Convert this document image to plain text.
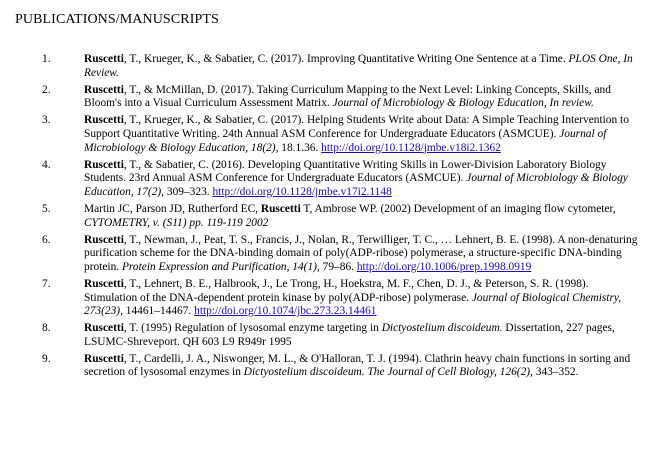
PUBLICATIONS/MANUSCRIPTS
1.	Ruscetti, T., Krueger, K., & Sabatier, C. (2017). Improving Quantitative Writing One Sentence at a Time. PLOS One, In Review.
2.	Ruscetti, T., & McMillan, D. (2017). Taking Curriculum Mapping to the Next Level: Linking Concepts, Skills, and Bloom's into a Visual Curriculum Assessment Matrix. Journal of Microbiology & Biology Education, In review.
3.	Ruscetti, T., Krueger, K., & Sabatier, C. (2017). Helping Students Write about Data: A Simple Teaching Intervention to Support Quantitative Writing. 24th Annual ASM Conference for Undergraduate Educators (ASMCUE). Journal of Microbiology & Biology Education, 18(2), 18.1.36. http://doi.org/10.1128/jmbe.v18i2.1362
4.	Ruscetti, T., & Sabatier, C. (2016). Developing Quantitative Writing Skills in Lower-Division Laboratory Biology Students. 23rd Annual ASM Conference for Undergraduate Educators (ASMCUE). Journal of Microbiology & Biology Education, 17(2), 309–323. http://doi.org/10.1128/jmbe.v17i2.1148
5.	Martin JC, Parson JD, Rutherford EC, Ruscetti T, Ambrose WP. (2002) Development of an imaging flow cytometer, CYTOMETRY, v. (S11) pp. 119-119 2002
6.	Ruscetti, T., Newman, J., Peat, T. S., Francis, J., Nolan, R., Terwilliger, T. C., … Lehnert, B. E. (1998). A non-denaturing purification scheme for the DNA-binding domain of poly(ADP-ribose) polymerase, a structure-specific DNA-binding protein. Protein Expression and Purification, 14(1), 79–86. http://doi.org/10.1006/prep.1998.0919
7.	Ruscetti, T., Lehnert, B. E., Halbrook, J., Le Trong, H., Hoekstra, M. F., Chen, D. J., & Peterson, S. R. (1998). Stimulation of the DNA-dependent protein kinase by poly(ADP-ribose) polymerase. Journal of Biological Chemistry, 273(23), 14461–14467. http://doi.org/10.1074/jbc.273.23.14461
8.	Ruscetti, T. (1995) Regulation of lysosomal enzyme targeting in Dictyostelium discoideum. Dissertation, 227 pages, LSUMC-Shreveport. QH 603 L9 R949r 1995
9.	Ruscetti, T., Cardelli, J. A., Niswonger, M. L., & O'Halloran, T. J. (1994). Clathrin heavy chain functions in sorting and secretion of lysosomal enzymes in Dictyostelium discoideum. The Journal of Cell Biology, 126(2), 343–352.
